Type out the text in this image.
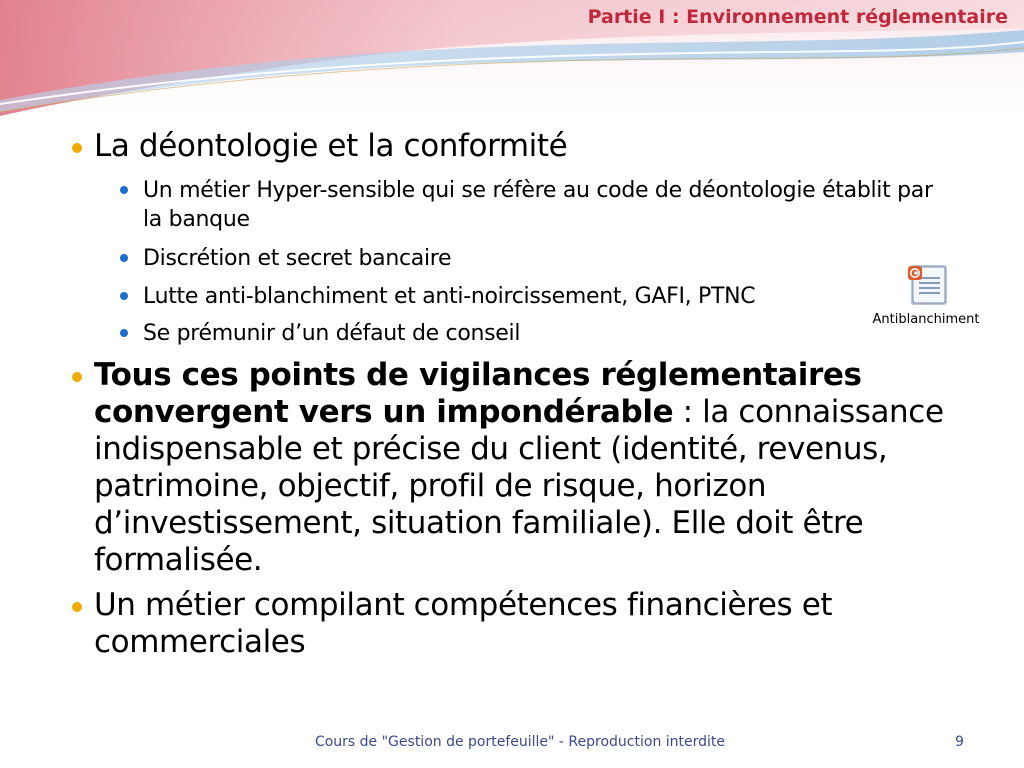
Partie I : Environnement réglementaire
La déontologie et la conformité
Un métier Hyper-sensible qui se réfère au code de déontologie établit par la banque
Discrétion et secret bancaire
Lutte anti-blanchiment et anti-noircissement, GAFI, PTNC
Se prémunir d’un défaut de conseil
Tous ces points de vigilances réglementaires convergent vers un impondérable : la connaissance indispensable et précise du client (identité, revenus, patrimoine, objectif, profil de risque, horizon d’investissement, situation familiale). Elle doit être formalisée.
Un métier compilant compétences financières et commerciales
Antiblanchiment
Cours de "Gestion de portefeuille" - Reproduction interdite	9
